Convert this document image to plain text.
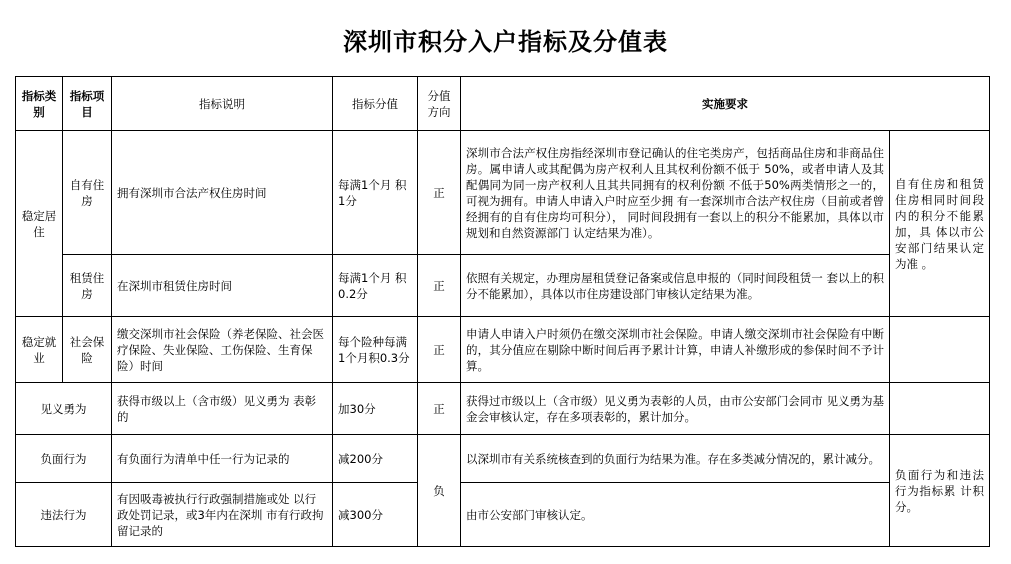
深圳市积分入户指标及分值表
指标类别	指标项目	指标说明	指标分值	分值方向	实施要求	
稳定居住	自有住房	拥有深圳市合法产权住房时间	每满1个月 积1分	正	深圳市合法产权住房指经深圳市登记确认的住宅类房产，包括商品住房和非商品住房。属申请人或其配偶为房产权利人且其权利份额不低于 50%，或者申请人及其配偶同为同一房产权利人且其共同拥有的权利份额 不低于50%两类情形之一的，可视为拥有。申请人申请入户时应至少拥 有一套深圳市合法产权住房（目前或者曾经拥有的自有住房均可积分）， 同时间段拥有一套以上的积分不能累加，具体以市规划和自然资源部门 认定结果为准）。	自有住房和租赁住房相同时间段内的积分不能累加，具 体以市公安部门结果认定为准 。
	租赁住房	在深圳市租赁住房时间	每满1个月 积0.2分	正	依照有关规定，办理房屋租赁登记备案或信息申报的（同时间段租赁一 套以上的积分不能累加），具体以市住房建设部门审核认定结果为准。	
稳定就业	社会保险	缴交深圳市社会保险（养老保险、社会医疗保险、失业保险、工伤保险、生育保险）时间	每个险种每满1个月积0.3分	正	申请人申请入户时须仍在缴交深圳市社会保险。申请人缴交深圳市社会保险有中断的，其分值应在剔除中断时间后再予累计计算，申请人补缴形成的参保时间不予计算。	
见义勇为		获得市级以上（含市级）见义勇为 表彰的	加30分	正	获得过市级以上（含市级）见义勇为表彰的人员，由市公安部门会同市 见义勇为基金会审核认定，存在多项表彰的，累计加分。	
负面行为		有负面行为清单中任一行为记录的	减200分	负	以深圳市有关系统核查到的负面行为结果为准。存在多类减分情况的，累计减分。	负面行为和违法行为指标累 计积分。
违法行为		有因吸毒被执行行政强制措施或处 以行政处罚记录，或3年内在深圳 市有行政拘留记录的	减300分		由市公安部门审核认定。	
